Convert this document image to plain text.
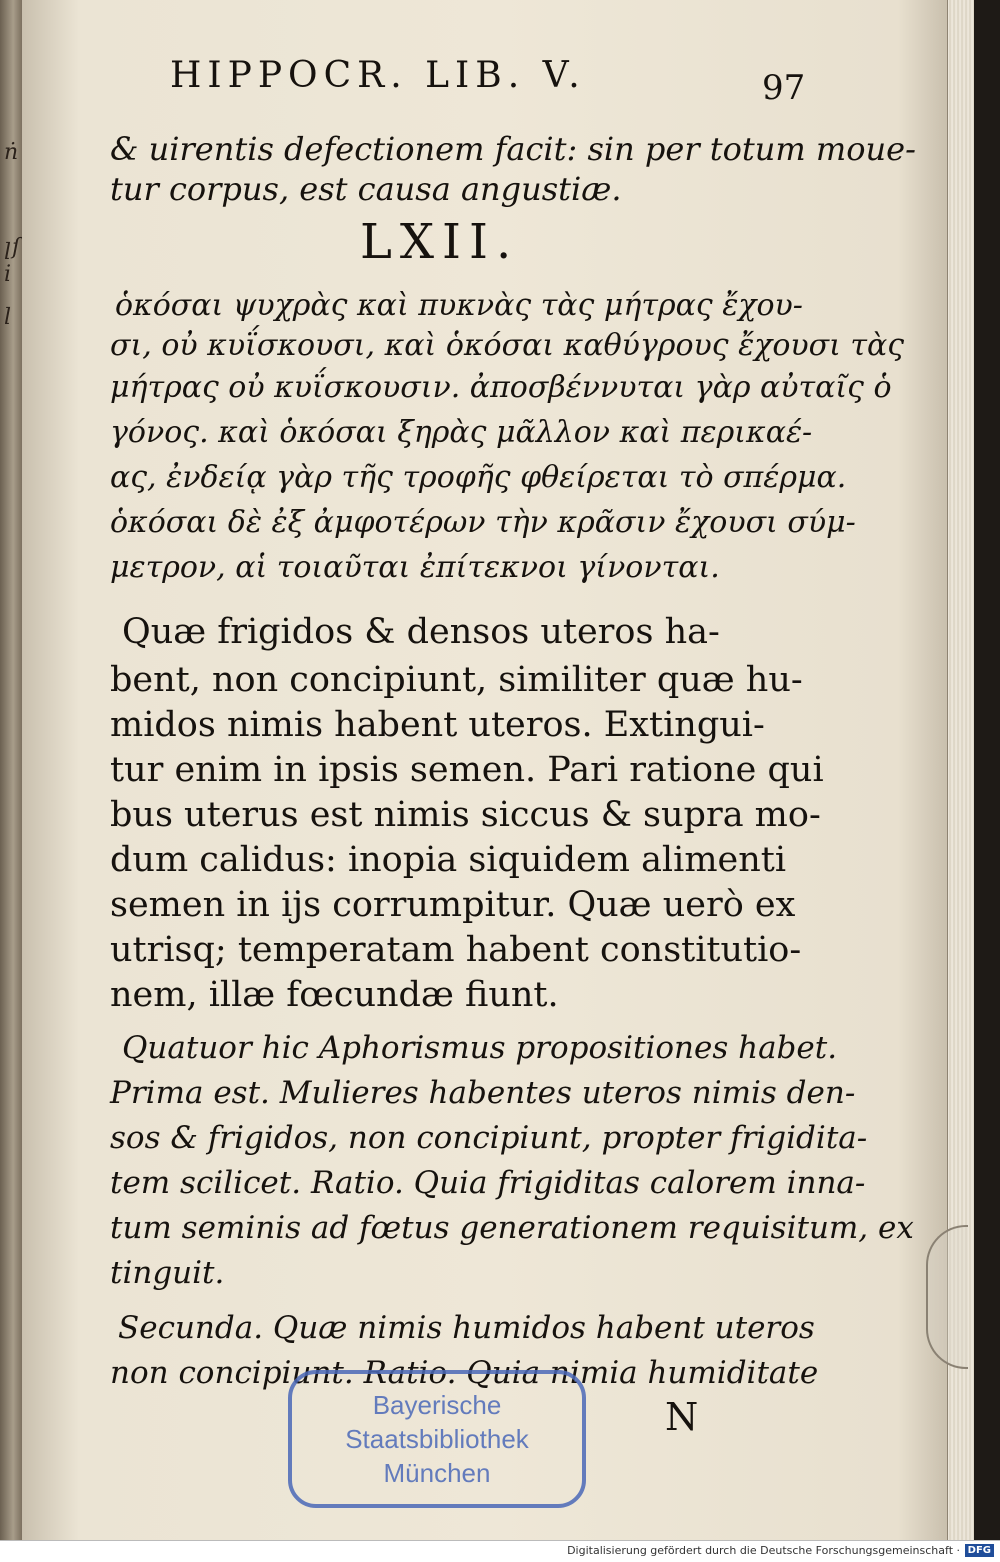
ṅ
l ſ
i
l
HIPPOCR. LIB. V.	97
& uirentis defectionem facit: sin per totum moue-
tur corpus, est causa angustiæ.
LXII.
ὁκόσαι ψυχρὰς καὶ πυκνὰς τὰς μήτρας ἔχου-
σι, οὐ κυΐσκουσι, καὶ ὁκόσαι καθύγρους ἔχουσι τὰς
μήτρας οὐ κυΐσκουσιν. ἀποσβέννυται γὰρ αὐταῖς ὁ
γόνος. καὶ ὁκόσαι ξηρὰς μᾶλλον καὶ περικαέ-
ας, ἐνδείᾳ γὰρ τῆς τροφῆς φθείρεται τὸ σπέρμα.
ὁκόσαι δὲ ἐξ ἀμφοτέρων τὴν κρᾶσιν ἔχουσι σύμ-
μετρον, αἱ τοιαῦται ἐπίτεκνοι γίνονται.
Quæ frigidos & densos uteros ha-
bent, non concipiunt, similiter quæ hu-
midos nimis habent uteros. Extingui-
tur enim in ipsis semen. Pari ratione qui
bus uterus est nimis siccus & supra mo-
dum calidus: inopia siquidem alimenti
semen in ijs corrumpitur. Quæ uerò ex
utrisq; temperatam habent constitutio-
nem, illæ fœcundæ fiunt.
Quatuor hic Aphorismus propositiones habet.
Prima est. Mulieres habentes uteros nimis den-
sos & frigidos, non concipiunt, propter frigidita-
tem scilicet. Ratio. Quia frigiditas calorem inna-
tum seminis ad fœtus generationem requisitum, ex
tinguit.
Secunda. Quæ nimis humidos habent uteros
non concipiunt. Ratio. Quia nimia humiditate
N
Bayerische
Staatsbibliothek
München
Digitalisierung gefördert durch die Deutsche Forschungsgemeinschaft · DFG
